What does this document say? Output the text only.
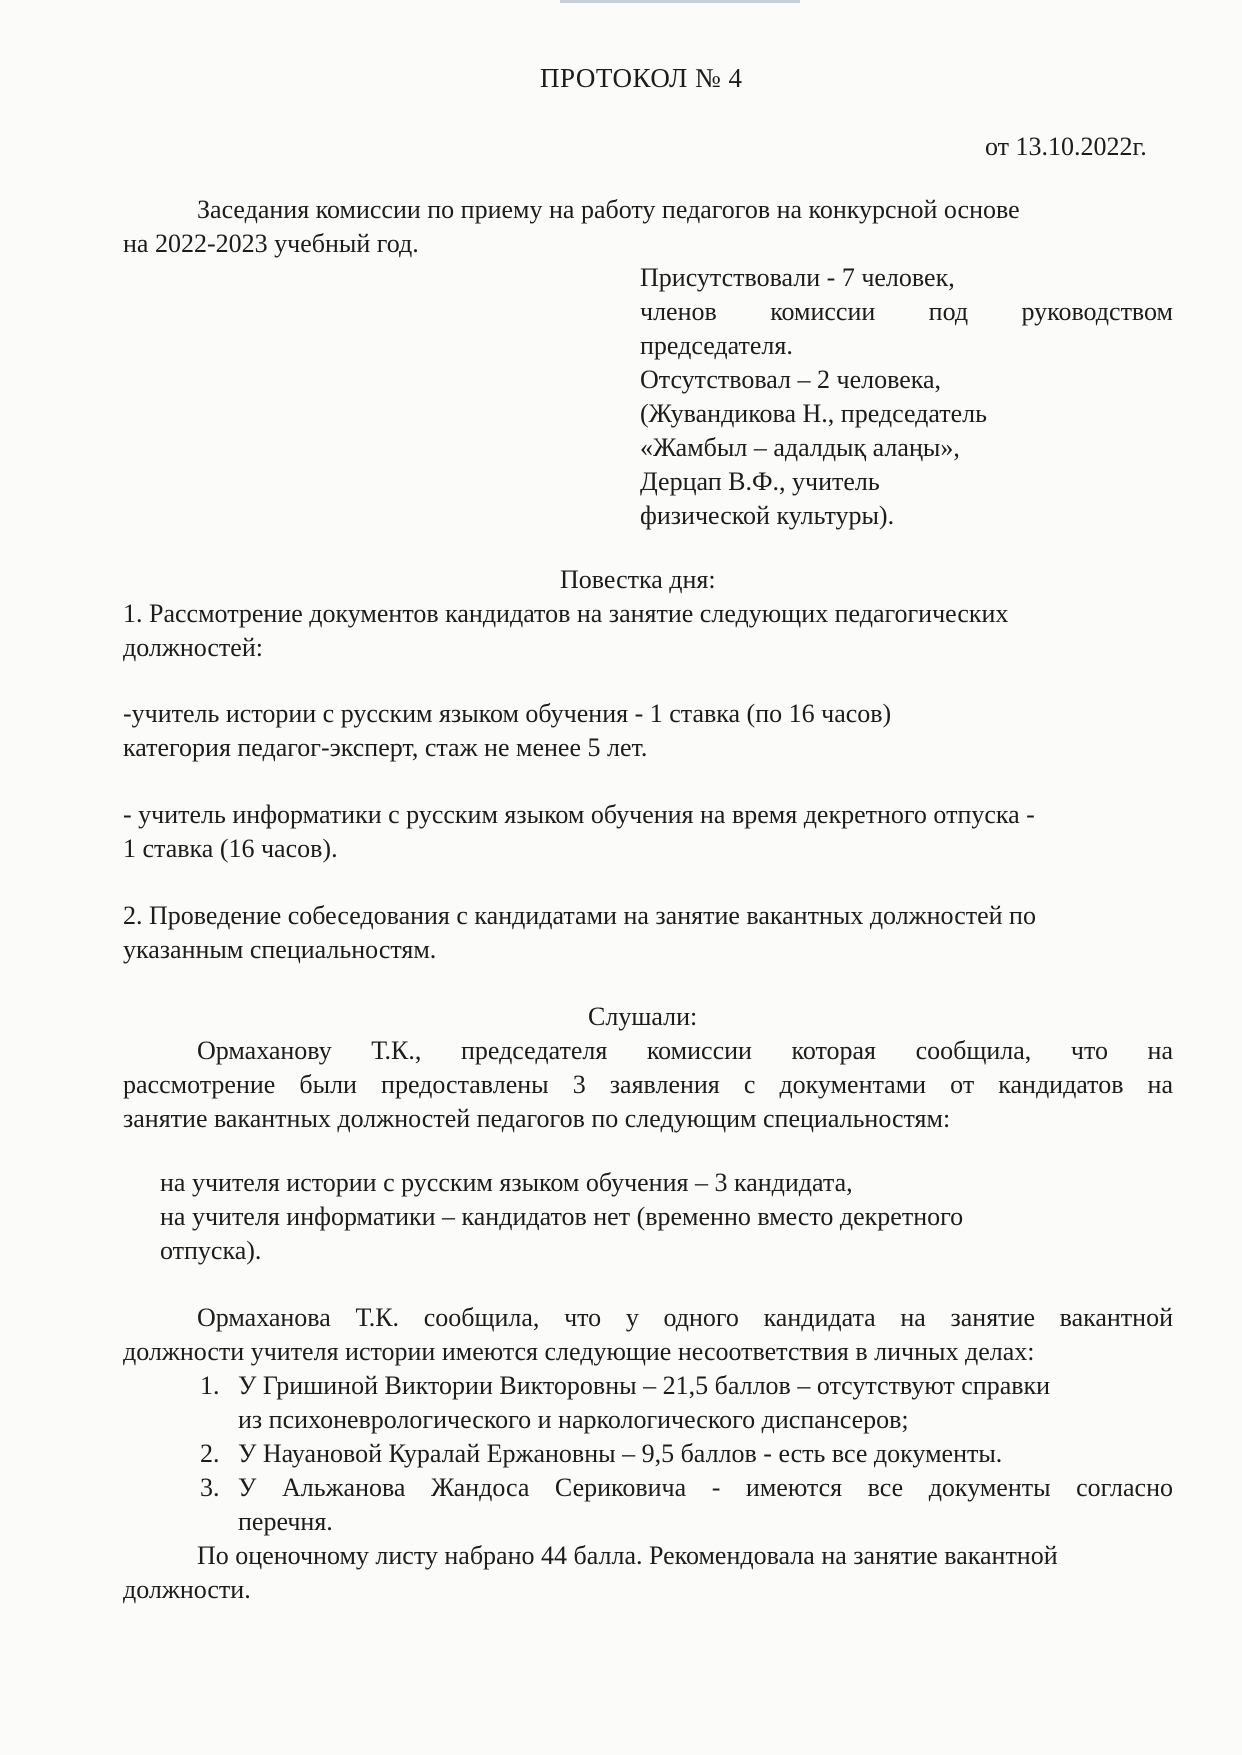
ПРОТОКОЛ № 4
от 13.10.2022г.
Заседания комиссии по приему на работу педагогов на конкурсной основе
на 2022-2023 учебный год.
Присутствовали - 7 человек,
членов комиссии под руководством
председателя.
Отсутствовал – 2 человека,
(Жувандикова Н., председатель
«Жамбыл – адалдық алаңы»,
Дерцап В.Ф., учитель
физической культуры).
Повестка дня:
1. Рассмотрение документов кандидатов на занятие следующих педагогических
должностей:
-учитель истории с русским языком обучения - 1 ставка (по 16 часов)
категория педагог-эксперт, стаж не менее 5 лет.
- учитель информатики с русским языком обучения на время декретного отпуска -
1 ставка (16 часов).
2. Проведение собеседования с кандидатами на занятие вакантных должностей по
указанным специальностям.
Слушали:
Ормаханову Т.К., председателя комиссии которая сообщила, что на
рассмотрение были предоставлены 3 заявления с документами от кандидатов на
занятие вакантных должностей педагогов по следующим специальностям:
на учителя истории с русским языком обучения – 3 кандидата,
на учителя информатики – кандидатов нет (временно вместо декретного
отпуска).
Ормаханова Т.К. сообщила, что у одного кандидата на занятие вакантной
должности учителя истории имеются следующие несоответствия в личных делах:
1. У Гришиной Виктории Викторовны – 21,5 баллов – отсутствуют справки
из психоневрологического и наркологического диспансеров;
2. У Науановой Куралай Ержановны – 9,5 баллов - есть все документы.
3. У Альжанова Жандоса Сериковича - имеются все документы согласно
перечня.
По оценочному листу набрано 44 балла. Рекомендовала на занятие вакантной
должности.
